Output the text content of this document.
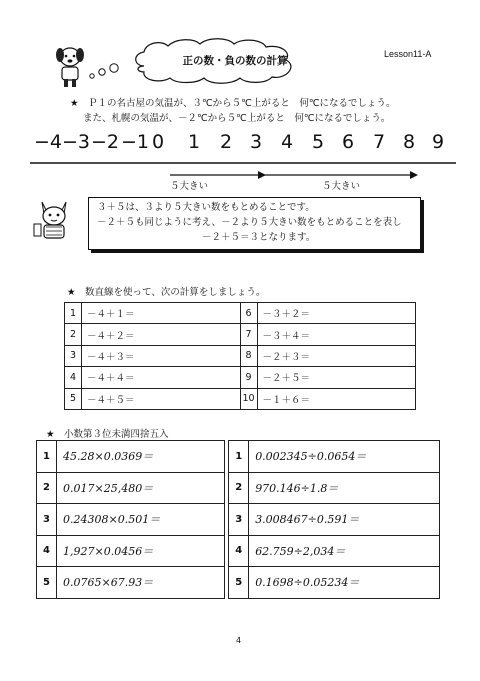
正の数・負の数の計算
Lesson11-A
★　Ｐ１の名古屋の気温が、３℃から５℃上がると　何℃になるでしょう。
また、札幌の気温が、－２℃から５℃上がると　何℃になるでしょう。
−4 −3 −2 −1 0 1 2 3 4 5 6 7 8 9
５大きい	５大きい
３＋５は、３より５大きい数をもとめることです。
－２＋５も同じように考え、－２より５大きい数をもとめることを表し
－２＋５＝３となります。
★　数直線を使って、次の計算をしましょう。
1	－４＋１＝	6	－３＋２＝
2	－４＋２＝	7	－３＋４＝
3	－４＋３＝	8	－２＋３＝
4	－４＋４＝	9	－２＋５＝
5	－４＋５＝	10	－１＋６＝
★　小数第３位未満四捨五入
1	45.28×0.0369＝		1	0.002345÷0.0654＝
2	0.017×25,480＝		2	970.146÷1.8＝
3	0.24308×0.501＝		3	3.008467÷0.591＝
4	1,927×0.0456＝		4	62.759÷2,034＝
5	0.0765×67.93＝		5	0.1698÷0.05234＝
4
